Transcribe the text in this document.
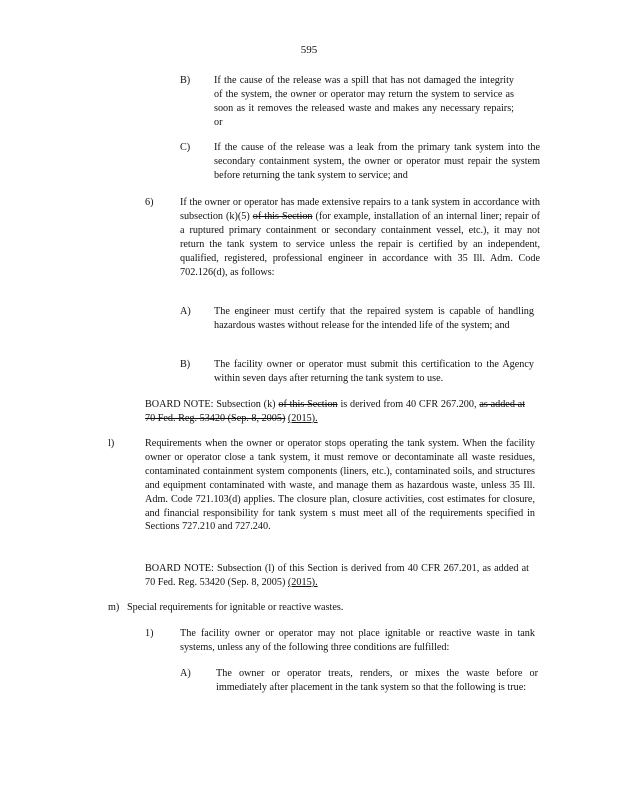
595
B) If the cause of the release was a spill that has not damaged the integrity of the system, the owner or operator may return the system to service as soon as it removes the released waste and makes any necessary repairs; or
C) If the cause of the release was a leak from the primary tank system into the secondary containment system, the owner or operator must repair the system before returning the tank system to service; and
6)	If the owner or operator has made extensive repairs to a tank system in accordance with subsection (k)(5) of this Section (for example, installation of an internal liner; repair of a ruptured primary containment or secondary containment vessel, etc.), it may not return the tank system to service unless the repair is certified by an independent, qualified, registered, professional engineer in accordance with 35 Ill. Adm. Code 702.126(d), as follows:
A) The engineer must certify that the repaired system is capable of handling hazardous wastes without release for the intended life of the system; and
B) The facility owner or operator must submit this certification to the Agency within seven days after returning the tank system to use.
BOARD NOTE: Subsection (k) of this Section is derived from 40 CFR 267.200, as added at 70 Fed. Reg. 53420 (Sep. 8, 2005) (2015).
l)	Requirements when the owner or operator stops operating the tank system. When the facility owner or operator close a tank system, it must remove or decontaminate all waste residues, contaminated containment system components (liners, etc.), contaminated soils, and structures and equipment contaminated with waste, and manage them as hazardous waste, unless 35 Ill. Adm. Code 721.103(d) applies. The closure plan, closure activities, cost estimates for closure, and financial responsibility for tank system s must meet all of the requirements specified in Sections 727.210 and 727.240.
BOARD NOTE: Subsection (l) of this Section is derived from 40 CFR 267.201, as added at 70 Fed. Reg. 53420 (Sep. 8, 2005) (2015).
m) Special requirements for ignitable or reactive wastes.
1)	The facility owner or operator may not place ignitable or reactive waste in tank systems, unless any of the following three conditions are fulfilled:
A) The owner or operator treats, renders, or mixes the waste before or immediately after placement in the tank system so that the following is true:
